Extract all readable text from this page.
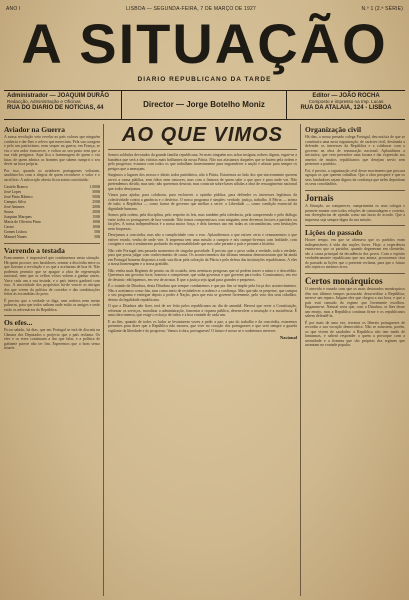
ANO I	LISBOA — SEGUNDA-FEIRA, 7 DE MARÇO DE 1927	N.º 1 (2.ª SÉRIE)
A SITUAÇÃO
DIARIO REPUBLICANO DA TARDE
Administrador — JOAQUIM DURÃO
Redacção, Administração e Oficinas
RUA DO DIARIO DE NOTICIAS, 44	Director — Jorge Botelho Moniz
Editor — JOÃO ROCHA
Composto e impresso na Imp. Lucas
RUA DA ATALAIA, 124 - LISBOA
Aviador na Guerra
A nossa revolução veio revelar ao país valores que ninguém conhecia e dar-lhes o relevo que mereciam. Pela sua coragem e pelo seu patriotismo, nem sequer na guerra, em França, se viu o seu ardor esmorecer, e voltou ao seu posto sem que a sua vida perigasse. Aqui fica a homenagem de quem o viu lutar, de quem admira os homens que sabem cumprir o seu dever na hora própria.
Por isso, quando os aviadores portugueses voltaram, saudámo-los com a alegria de quem reconhece o valor e o sacrifício. A subscrição aberta ficou assim constituída:
Castelo Branco	1.000$
José Lopes	500$
José Pinto Ribeiro	500$
Campos Silva	250$
José Antunes	200$
Sousa	200$
Joaquim Marques	150$
Maria de Oliveira Pinto	100$
Castro	100$
Gomes Lisboa	50$
Manuel Nunes	50$
Varrendo a testada
Francamente, é impossível que continuemos nesta situação. Há quem procure, nos bastidores, semear a discórdia entre os que fizeram a revolução e os que a aceitaram de boa fé. Não podemos permitir que se apague a obra de regeneração nacional, nem que os velhos vícios voltem a ganhar raízes. Varra cada um a sua testada, e o país inteiro ganhará com isso. A sinceridade dos propósitos há-de vencer as intrigas dos que vivem da política de corredor e das combinações feitas às escondidas do povo.
É preciso que a verdade se diga, sem rodeios nem meias palavras, para que todos saibam onde estão os amigos e onde estão os adversários da República.
Os efes...
Ficou sabido, há dias, que em Portugal se terá de discutir na Câmara dos Deputados o projecto que o país reclama. Os efes e os erres continuam a dar que falar, e a política de gabinete parece não ter fim. Esperemos que o bom senso triunfe.
AO QUE VIMOS
Somos soldados devotados da grande família republicana. Se mais ninguém nos achar insígnia, nobres dignos, ergue-se a bandeira que será a das vitórias mais brilhantes da nossa Pátria. Não nos afastamos daqueles que se batem pela ordem e pelo progresso; estamos com todos os que trabalham honestamente para engrandecer a nação e afastar para sempre os perigos que a ameaçam.
Surgimos a lugares dos nossos e ideais todos partidários, não à Pátria. Estaremos ao lado dos que sinceramente querem servir a causa pública, sem ódios nem rancores, mas com a firmeza de quem sabe o que quer e para onde vai. Não pretendemos dividir, mas unir; não queremos destruir, mas construir sobre bases sólidas a obra de ressurgimento nacional que todos desejamos.
Vimos para ajudar, para colaborar, para esclarecer a opinião pública, para defender os interesses legítimos da colectividade contra a ganância e o desleixo. O nosso programa é simples: verdade, justiça, trabalho. A Pátria — acima de tudo; a República — como forma de governo que melhor a serve; a Liberdade — como condição essencial da dignidade humana.
Somos pela ordem, pela disciplina, pelo respeito às leis, mas também pela tolerância, pela compreensão e pelo diálogo entre todos os portugueses de boa vontade. Não temos compromissos com ninguém, nem devemos favores a partidos ou facções. A nossa independência é a nossa maior força, e dela faremos uso em todas as circunstâncias, sem hesitações nem fraquezas.
Desejamos a concórdia, mas não a cumplicidade com o erro. Aplaudiremos o que estiver certo e censuraremos o que estiver errado, venha de onde vier. A imprensa tem uma missão a cumprir e nós cumpri-la-emos com lealdade, com coragem e com o sentimento profundo da responsabilidade que nos cabe perante o país e perante a história.
Não vale Portugal tem passado momentos de singular gravidade. É preciso que o povo saiba a verdade, toda a verdade, para que possa julgar com conhecimento de causa. Os acontecimentos das últimas semanas demonstraram que há ainda em Portugal homens dispostos a tudo sacrificar pela salvação da Pátria e pela defesa das instituições republicanas. A eles a nossa homenagem e a nossa gratidão.
Não venha mais Regimes de pronto ou de ocasião, nem aventuras perigosas que só podem trazer a ruína e o descrédito. Queremos um governo forte, honesto e competente, que saiba governar e que governe para todos. Construamos, em vez de destruir; edifiquemos, em vez de arrasar. E que a justiça seja igual para grandes e pequenos.
É o tratado da Ditadura, desta Ditadura que sempre combatemos e que por fim se impõe pela força dos acontecimentos. Não a aceitamos como fim, mas como meio de restabelecer a ordem e a confiança. Mas que não se perpetue, que cumpra o seu programa e entregue depois o poder à Nação, para que esta se governe livremente, pelo voto dos seus cidadãos, dentro da legalidade republicana.
O que a Ditadura não fizer, terá de ser feito pelos republicanos no dia de amanhã. Haverá que rever a Constituição, reformar os serviços, moralizar a administração, fomentar a riqueza pública, desenvolver a instrução e a assistência. É uma obra imensa, que exige o esforço de todos e a boa vontade de cada um.
E ao fim, quando de todos os lados se levantarem vozes a pedir a paz, a paz do trabalho e da concórdia, estaremos presentes para dizer que a República não morreu, que vive no coração dos portugueses e que será sempre a guarda vigilante da liberdade e do progresso. Vamos à obra, portugueses! O futuro é nosso se o soubermos merecer.
Nacional
Organização civil
Há dias, o nosso presado colega Portugal, deu notícia de que se constituíra uma nova organização, de carácter civil, destinada a defender os interesses da República e a colaborar com o governo na obra de restauração nacional. Aplaudimos a iniciativa, que vem preencher uma lacuna e dar expressão aos anseios de muitos republicanos que desejam servir sem pertencer a partidos.
Foi, é preciso, a organização civil desse movimento que procura agrupar os que querem trabalhar. Que a obra prospere e que os seus fundadores sejam dignos da confiança que neles depositam os seus concidadãos.
Jornais
A Situação, ao comparecer, cumprimenta os seus colegas e promete manter com todos relações de camaradagem e cortesia, nas divergências de opinião como nas horas de acordo. Que a imprensa seja sempre digna da sua missão.
Lições do passado
Houve tempo, em que se afirmava que os partidos eram indispensáveis à vida das nações livres. Hoje, a experiência ensina-nos que os partidos, quando degeneram em clientelas, são a causa principal da decadência dos povos. Com o espírito verdadeiramente republicano que nos anima, procuremos tirar do passado as lições que o presente reclama, para que o futuro não repita os mesmos erros.
Certos monárquicos
O atrevido e ousado com que os mais destacados monárquicos têm nos últimos tempos procurado desacreditar a República, merece um reparo. Julgam eles que chegou a sua hora, e que o país está cansado do regime que livremente escolheu. Enganam-se. Natural seria que, com a Ditadura, se lhes desse um ensejo, mas a República continua firme e os republicanos sabem defendê-la.
É por mais de uma vez, teremos os liberais portugueses de recordar a sua vocação democrática. Não se assustem, porém, os que vivem de saudades: a República não tem medo de fantasmas, e saberá responder a quem a provoque com a serenidade e a firmeza que são próprias dos regimes que assentam na vontade popular.
